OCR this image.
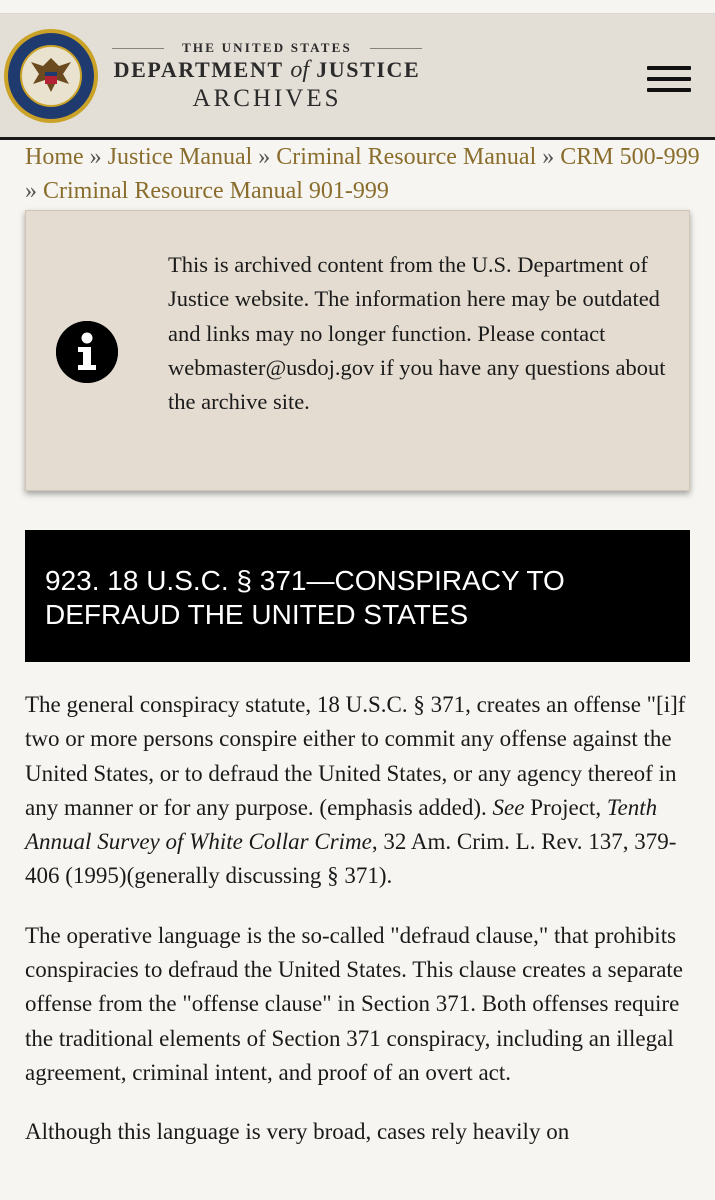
THE UNITED STATES
DEPARTMENT of JUSTICE
ARCHIVES
Home » Justice Manual » Criminal Resource Manual » CRM 500-999 » Criminal Resource Manual 901-999
This is archived content from the U.S. Department of Justice website. The information here may be outdated and links may no longer function. Please contact webmaster@usdoj.gov if you have any questions about the archive site.
923. 18 U.S.C. § 371—CONSPIRACY TO DEFRAUD THE UNITED STATES

The general conspiracy statute, 18 U.S.C. § 371, creates an offense "[i]f two or more persons conspire either to commit any offense against the United States, or to defraud the United States, or any agency thereof in any manner or for any purpose. (emphasis added). See Project, Tenth Annual Survey of White Collar Crime, 32 Am. Crim. L. Rev. 137, 379-406 (1995)(generally discussing § 371).

The operative language is the so-called "defraud clause," that prohibits conspiracies to defraud the United States. This clause creates a separate offense from the "offense clause" in Section 371. Both offenses require the traditional elements of Section 371 conspiracy, including an illegal agreement, criminal intent, and proof of an overt act.

Although this language is very broad, cases rely heavily on
